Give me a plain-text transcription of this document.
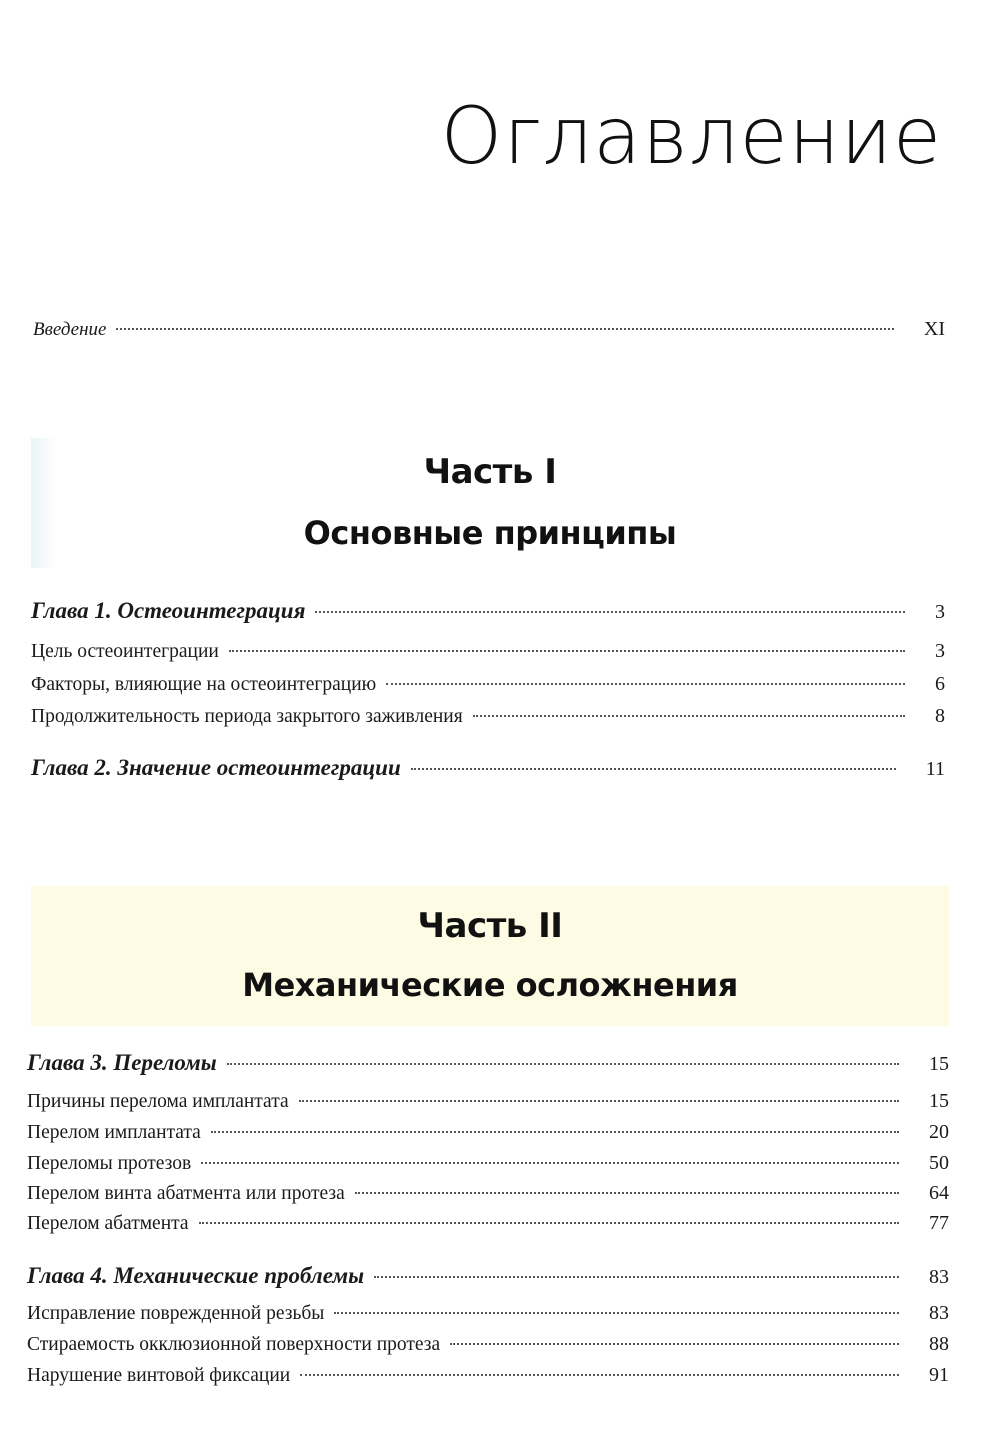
Оглавление
Введение	XI
Часть I
Основные принципы
Глава 1. Остеоинтеграция	3
Цель остеоинтеграции	3
Факторы, влияющие на остеоинтеграцию	6
Продолжительность периода закрытого заживления	8
Глава 2. Значение остеоинтеграции	11
Часть II
Механические осложнения
Глава 3. Переломы	15
Причины перелома имплантата	15
Перелом имплантата	20
Переломы протезов	50
Перелом винта абатмента или протеза	64
Перелом абатмента	77
Глава 4. Механические проблемы	83
Исправление поврежденной резьбы	83
Стираемость окклюзионной поверхности протеза	88
Нарушение винтовой фиксации	91
